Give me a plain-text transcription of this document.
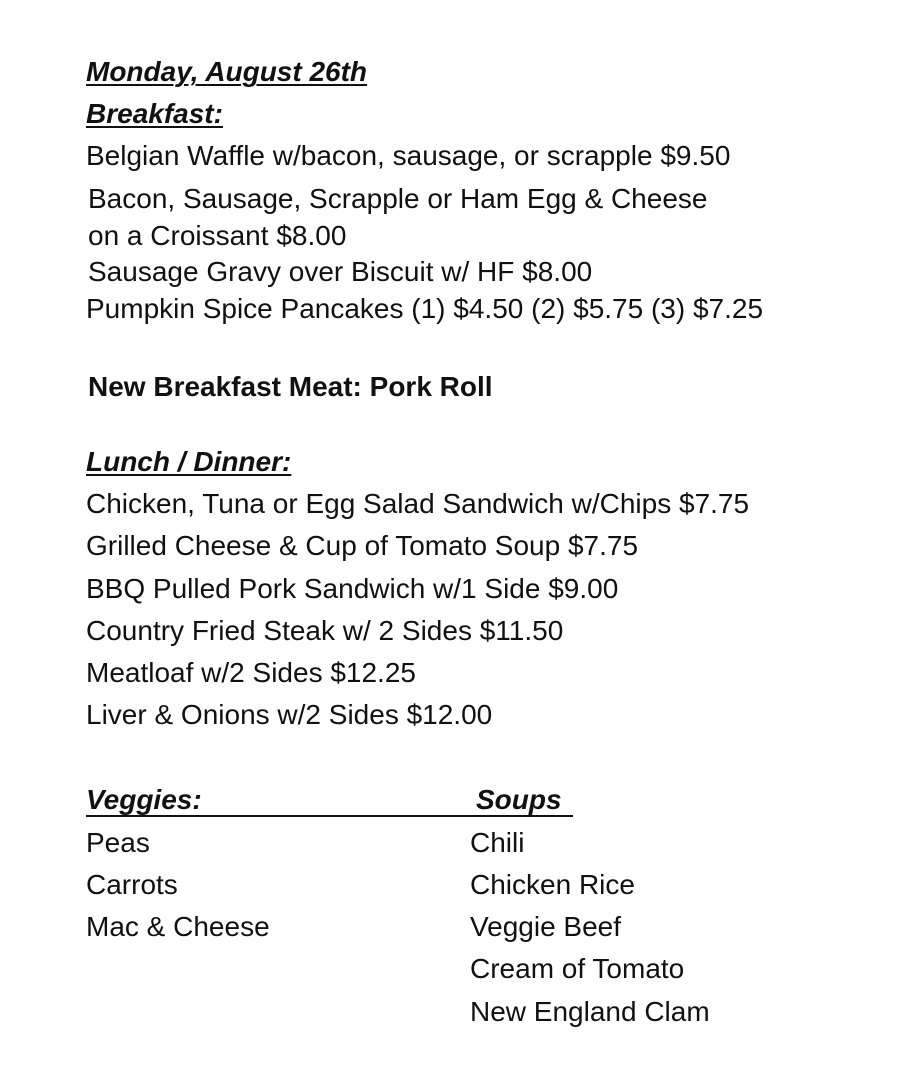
Monday, August 26th
Breakfast:
Belgian Waffle w/bacon, sausage, or scrapple $9.50
Bacon, Sausage, Scrapple or Ham Egg & Cheese
on a Croissant $8.00
Sausage Gravy over Biscuit w/ HF $8.00
Pumpkin Spice Pancakes (1) $4.50 (2) $5.75 (3) $7.25
New Breakfast Meat: Pork Roll
Lunch / Dinner:
Chicken, Tuna or Egg Salad Sandwich w/Chips $7.75
Grilled Cheese & Cup of Tomato Soup $7.75
BBQ Pulled Pork Sandwich w/1 Side $9.00
Country Fried Steak w/ 2 Sides $11.50
Meatloaf w/2 Sides $12.25
Liver & Onions w/2 Sides $12.00
Veggies:	Soups
Peas
Carrots
Mac & Cheese
Chili
Chicken Rice
Veggie Beef
Cream of Tomato
New England Clam
